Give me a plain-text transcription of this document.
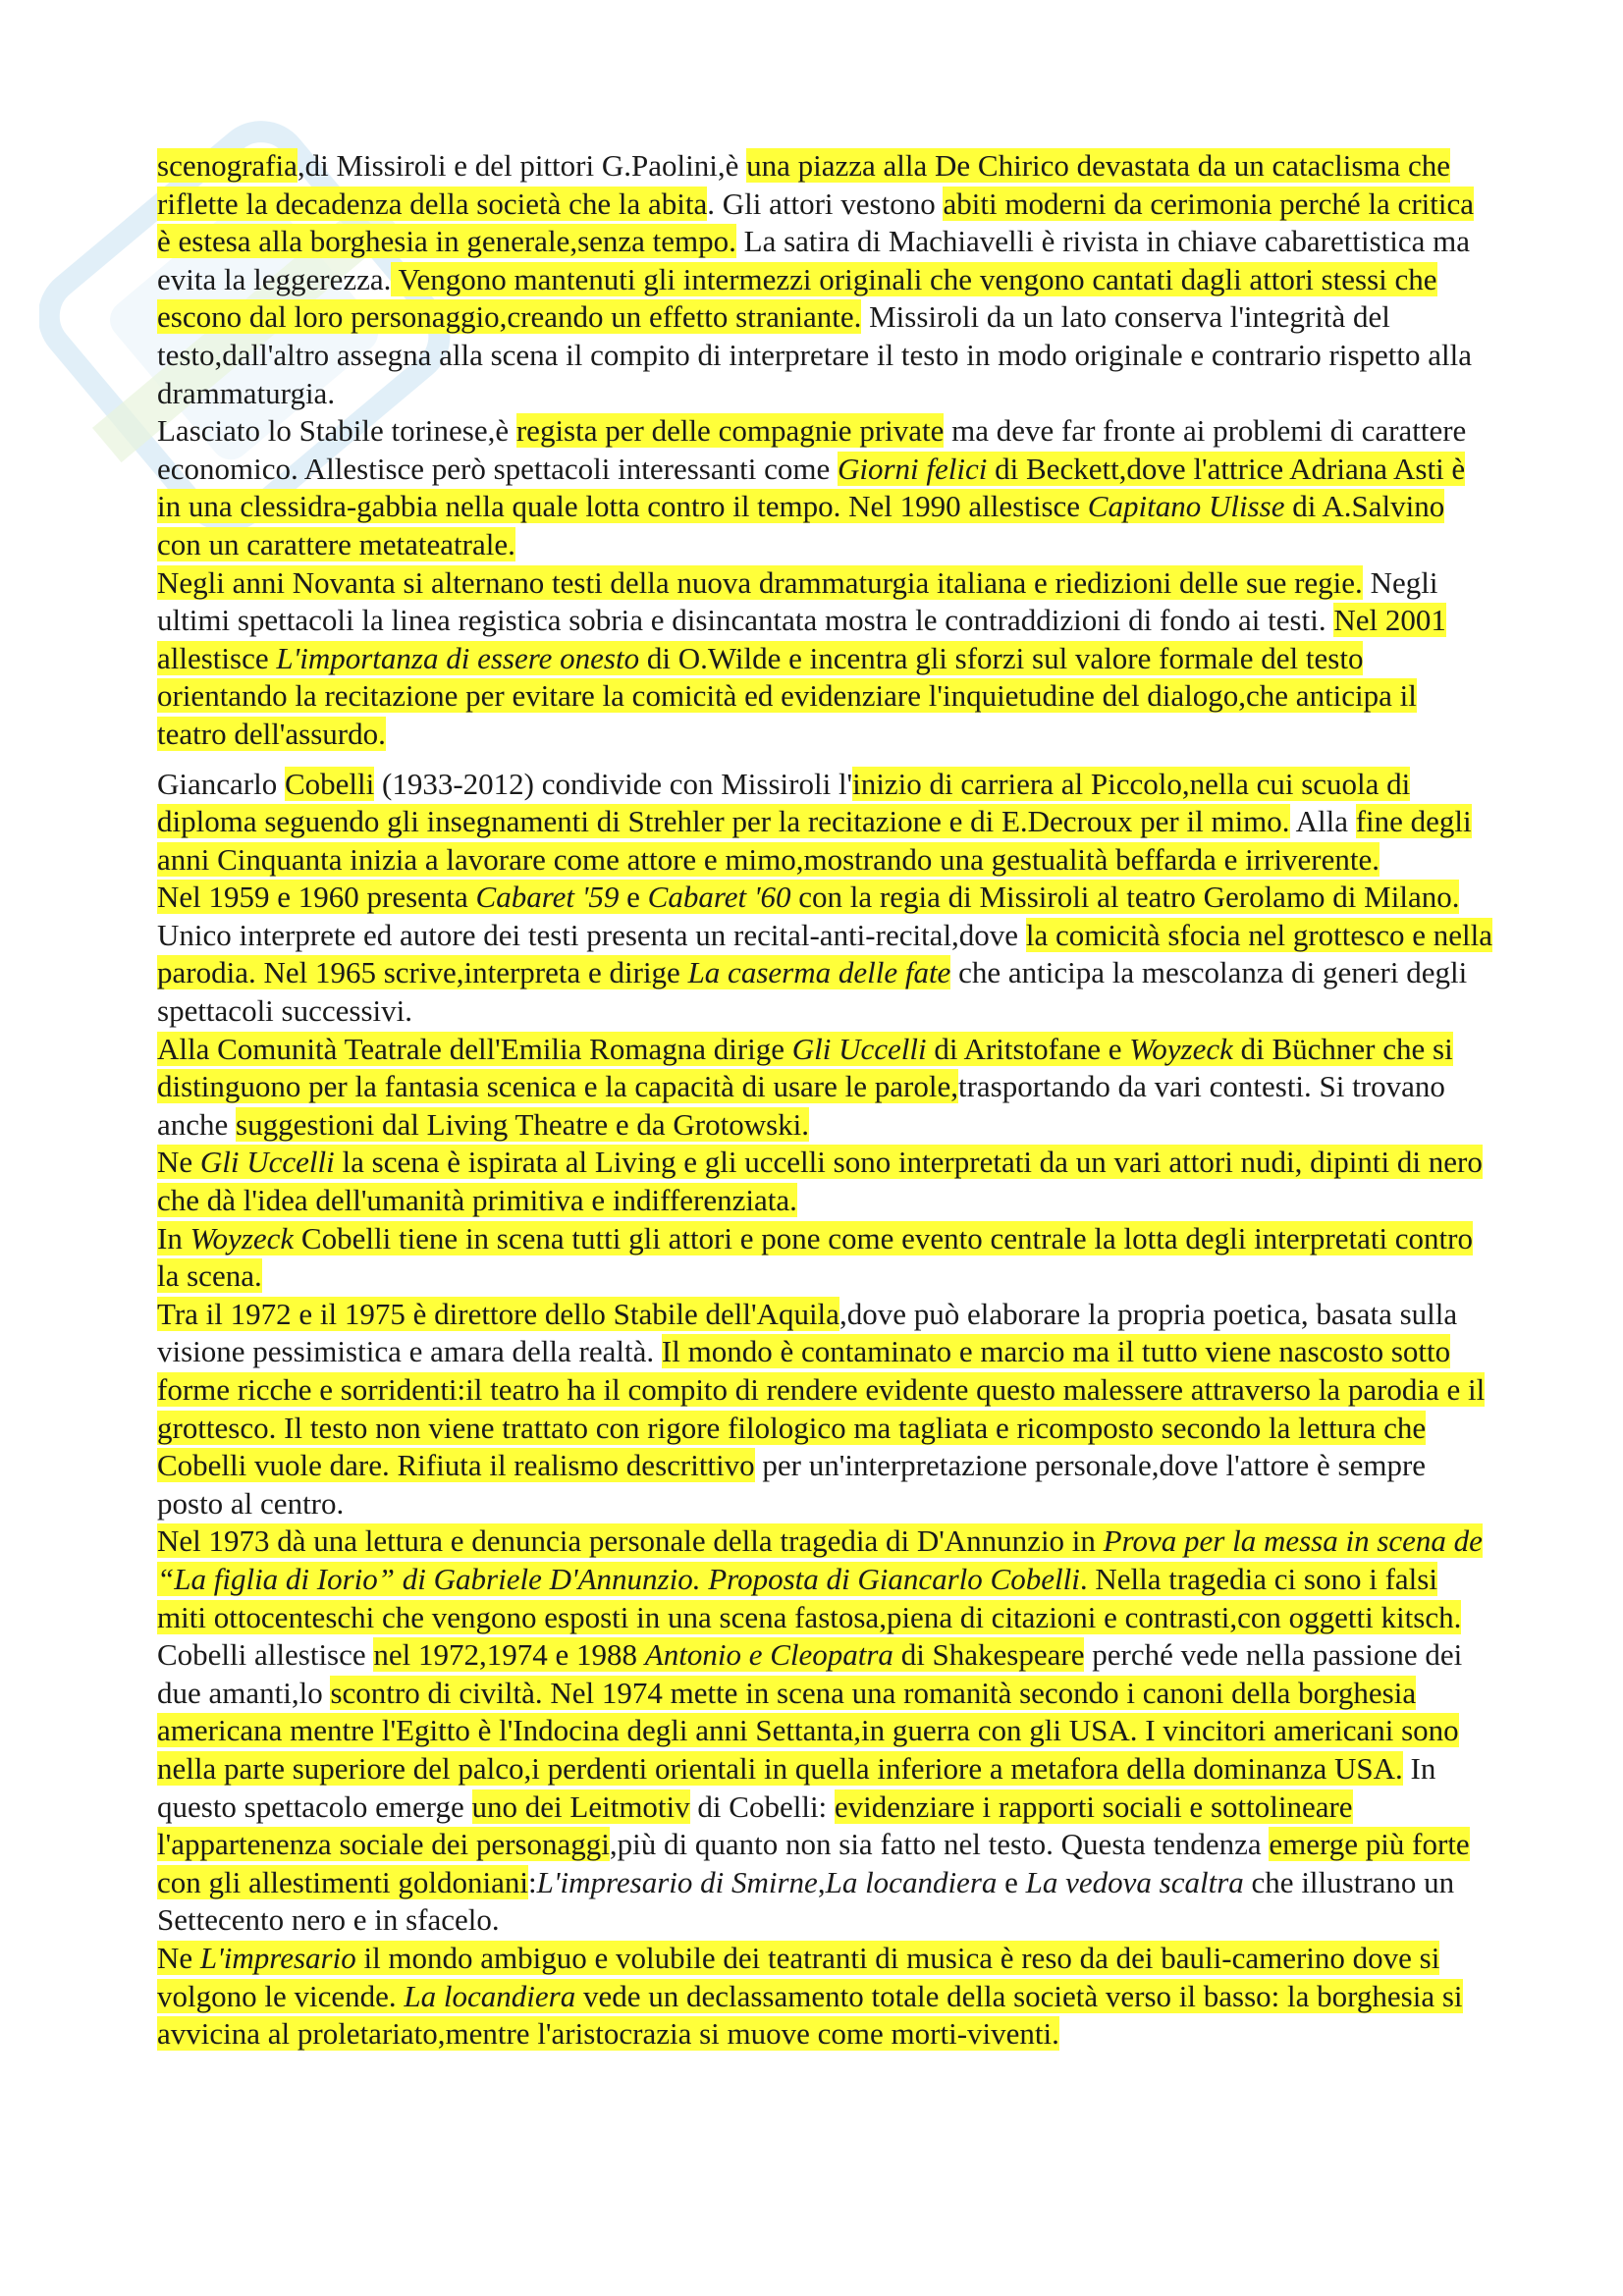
scenografia,di Missiroli e del pittori G.Paolini,è una piazza alla De Chirico devastata da un cataclisma che riflette la decadenza della società che la abita. Gli attori vestono abiti moderni da cerimonia perché la critica è estesa alla borghesia in generale,senza tempo. La satira di Machiavelli è rivista in chiave cabarettistica ma evita la leggerezza. Vengono mantenuti gli intermezzi originali che vengono cantati dagli attori stessi che escono dal loro personaggio,creando un effetto straniante. Missiroli da un lato conserva l'integrità del testo,dall'altro assegna alla scena il compito di interpretare il testo in modo originale e contrario rispetto alla drammaturgia.

Lasciato lo Stabile torinese,è regista per delle compagnie private ma deve far fronte ai problemi di carattere economico. Allestisce però spettacoli interessanti come Giorni felici di Beckett,dove l'attrice Adriana Asti è in una clessidra-gabbia nella quale lotta contro il tempo. Nel 1990 allestisce Capitano Ulisse di A.Salvino con un carattere metateatrale.

Negli anni Novanta si alternano testi della nuova drammaturgia italiana e riedizioni delle sue regie. Negli ultimi spettacoli la linea registica sobria e disincantata mostra le contraddizioni di fondo ai testi. Nel 2001 allestisce L'importanza di essere onesto di O.Wilde e incentra gli sforzi sul valore formale del testo orientando la recitazione per evitare la comicità ed evidenziare l'inquietudine del dialogo,che anticipa il teatro dell'assurdo.

Giancarlo Cobelli (1933-2012) condivide con Missiroli l'inizio di carriera al Piccolo,nella cui scuola di diploma seguendo gli insegnamenti di Strehler per la recitazione e di E.Decroux per il mimo. Alla fine degli anni Cinquanta inizia a lavorare come attore e mimo,mostrando una gestualità beffarda e irriverente.

Nel 1959 e 1960 presenta Cabaret '59 e Cabaret '60 con la regia di Missiroli al teatro Gerolamo di Milano. Unico interprete ed autore dei testi presenta un recital-anti-recital,dove la comicità sfocia nel grottesco e nella parodia. Nel 1965 scrive,interpreta e dirige La caserma delle fate che anticipa la mescolanza di generi degli spettacoli successivi.

Alla Comunità Teatrale dell'Emilia Romagna dirige Gli Uccelli di Aritstofane e Woyzeck di Büchner che si distinguono per la fantasia scenica e la capacità di usare le parole,trasportando da vari contesti. Si trovano anche suggestioni dal Living Theatre e da Grotowski.

Ne Gli Uccelli la scena è ispirata al Living e gli uccelli sono interpretati da un vari attori nudi, dipinti di nero che dà l'idea dell'umanità primitiva e indifferenziata.

In Woyzeck Cobelli tiene in scena tutti gli attori e pone come evento centrale la lotta degli interpretati contro la scena.

Tra il 1972 e il 1975 è direttore dello Stabile dell'Aquila,dove può elaborare la propria poetica, basata sulla visione pessimistica e amara della realtà. Il mondo è contaminato e marcio ma il tutto viene nascosto sotto forme ricche e sorridenti:il teatro ha il compito di rendere evidente questo malessere attraverso la parodia e il grottesco. Il testo non viene trattato con rigore filologico ma tagliata e ricomposto secondo la lettura che Cobelli vuole dare. Rifiuta il realismo descrittivo per un'interpretazione personale,dove l'attore è sempre posto al centro.

Nel 1973 dà una lettura e denuncia personale della tragedia di D'Annunzio in Prova per la messa in scena de “La figlia di Iorio” di Gabriele D'Annunzio. Proposta di Giancarlo Cobelli. Nella tragedia ci sono i falsi miti ottocenteschi che vengono esposti in una scena fastosa,piena di citazioni e contrasti,con oggetti kitsch.

Cobelli allestisce nel 1972,1974 e 1988 Antonio e Cleopatra di Shakespeare perché vede nella passione dei due amanti,lo scontro di civiltà. Nel 1974 mette in scena una romanità secondo i canoni della borghesia americana mentre l'Egitto è l'Indocina degli anni Settanta,in guerra con gli USA. I vincitori americani sono nella parte superiore del palco,i perdenti orientali in quella inferiore a metafora della dominanza USA. In questo spettacolo emerge uno dei Leitmotiv di Cobelli: evidenziare i rapporti sociali e sottolineare l'appartenenza sociale dei personaggi,più di quanto non sia fatto nel testo. Questa tendenza emerge più forte con gli allestimenti goldoniani:L'impresario di Smirne,La locandiera e La vedova scaltra che illustrano un Settecento nero e in sfacelo.

Ne L'impresario il mondo ambiguo e volubile dei teatranti di musica è reso da dei bauli-camerino dove si volgono le vicende. La locandiera vede un declassamento totale della società verso il basso: la borghesia si avvicina al proletariato,mentre l'aristocrazia si muove come morti-viventi.
